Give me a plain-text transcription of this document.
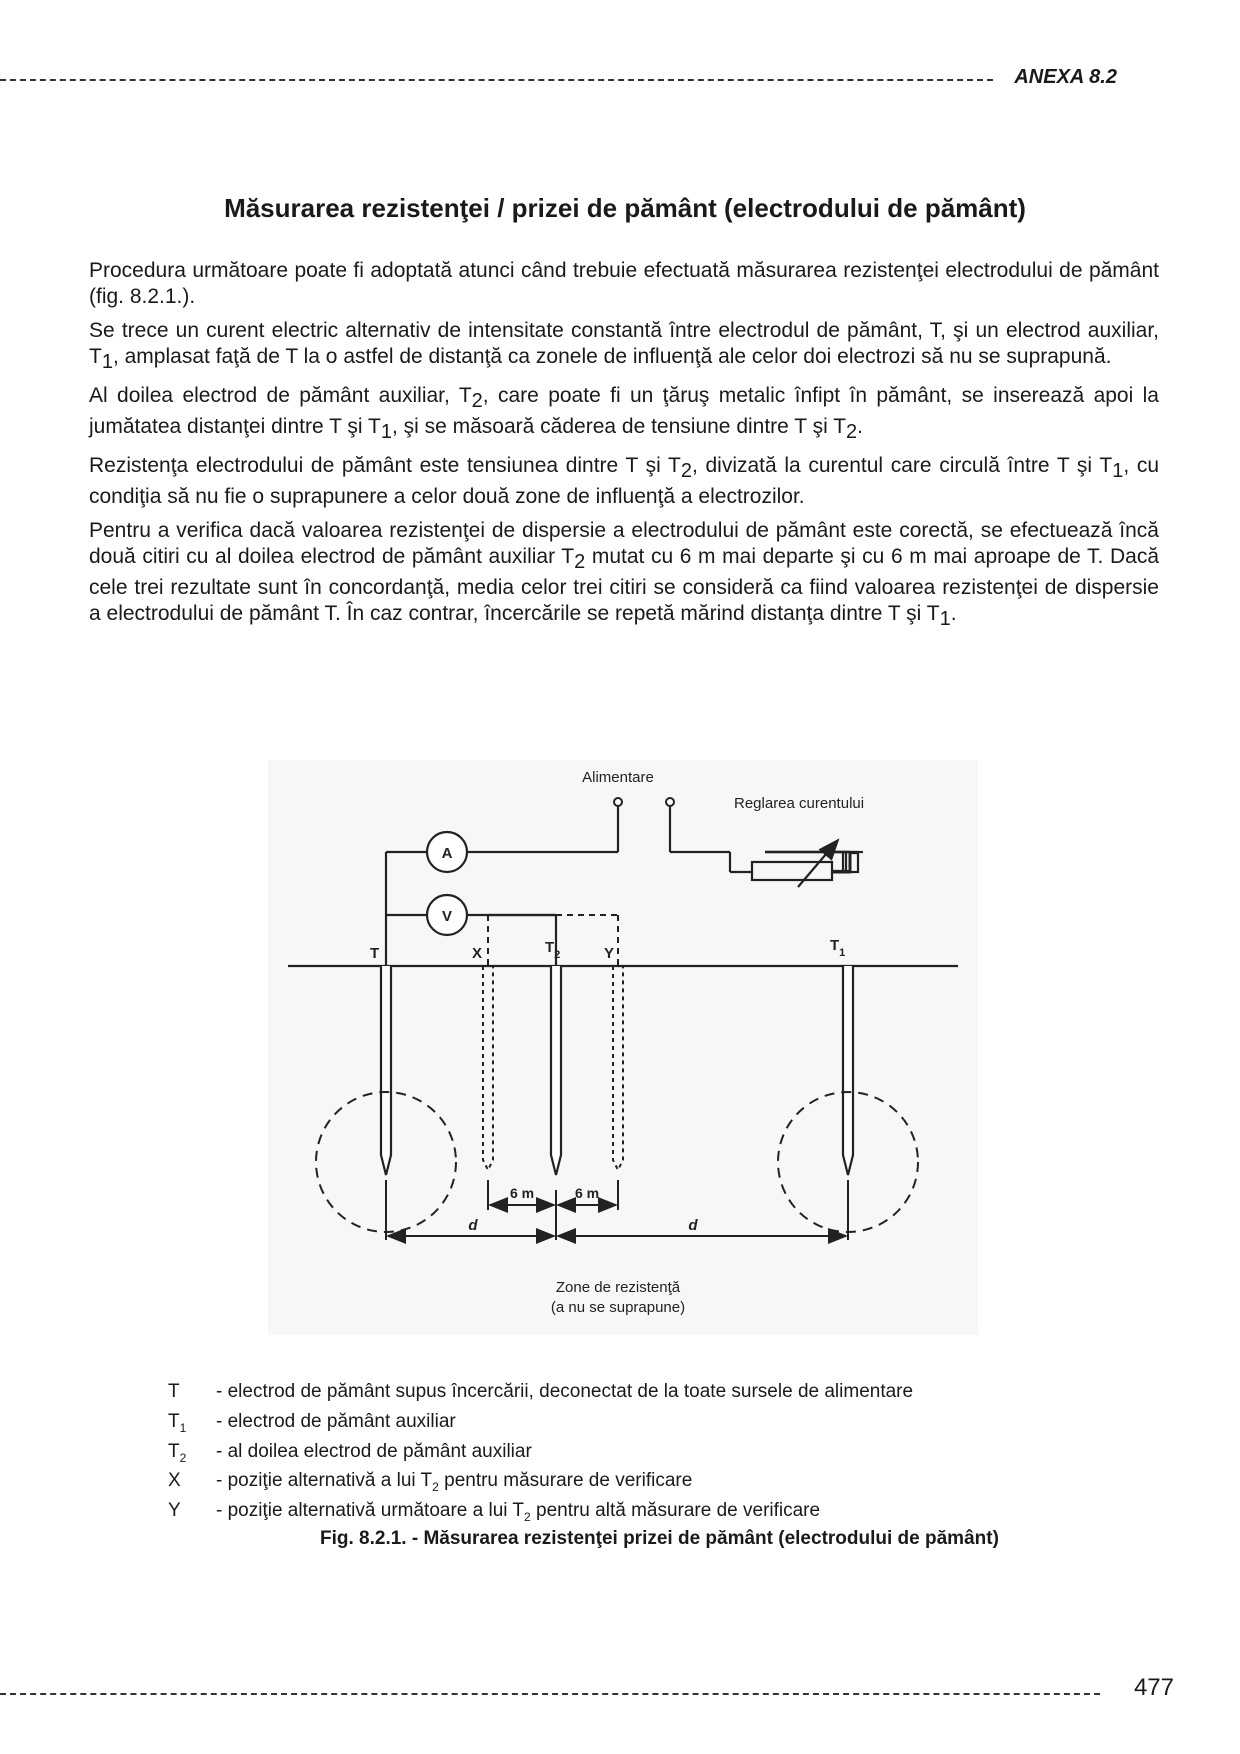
ANEXA 8.2
Măsurarea rezistenţei / prizei de pământ (electrodului de pământ)

Procedura următoare poate fi adoptată atunci când trebuie efectuată măsurarea rezistenţei electrodului de pământ (fig. 8.2.1.).

Se trece un curent electric alternativ de intensitate constantă între electrodul de pământ, T, şi un electrod auxiliar, T1, amplasat faţă de T la o astfel de distanţă ca zonele de influenţă ale celor doi electrozi să nu se suprapună.

Al doilea electrod de pământ auxiliar, T2, care poate fi un ţăruş metalic înfipt în pământ, se inserează apoi la jumătatea distanţei dintre T şi T1, şi se măsoară căderea de tensiune dintre T şi T2.

Rezistenţa electrodului de pământ este tensiunea dintre T şi T2, divizată la curentul care circulă între T şi T1, cu condiţia să nu fie o suprapunere a celor două zone de influenţă a electrozilor.

Pentru a verifica dacă valoarea rezistenţei de dispersie a electrodului de pământ este corectă, se efectuează încă două citiri cu al doilea electrod de pământ auxiliar T2 mutat cu 6 m mai departe şi cu 6 m mai aproape de T. Dacă cele trei rezultate sunt în concordanţă, media celor trei citiri se consideră ca fiind valoarea rezistenţei de dispersie a electrodului de pământ T. În caz contrar, încercările se repetă mărind distanţa dintre T şi T1.

A
V
Alimentare
Reglarea curentului
T	X	$T_2$	Y	$T_1$
6 m	6 m
d	d
Zone de rezistenţă
(a nu se suprapune)
T	- electrod de pământ supus încercării, deconectat de la toate sursele de alimentare
$T_1$	- electrod de pământ auxiliar
$T_2$	- al doilea electrod de pământ auxiliar
X	- poziţie alternativă a lui $T_2$ pentru măsurare de verificare
Y	- poziţie alternativă următoare a lui $T_2$ pentru altă măsurare de verificare
Fig. 8.2.1. - Măsurarea rezistenţei prizei de pământ (electrodului de pământ)
477
